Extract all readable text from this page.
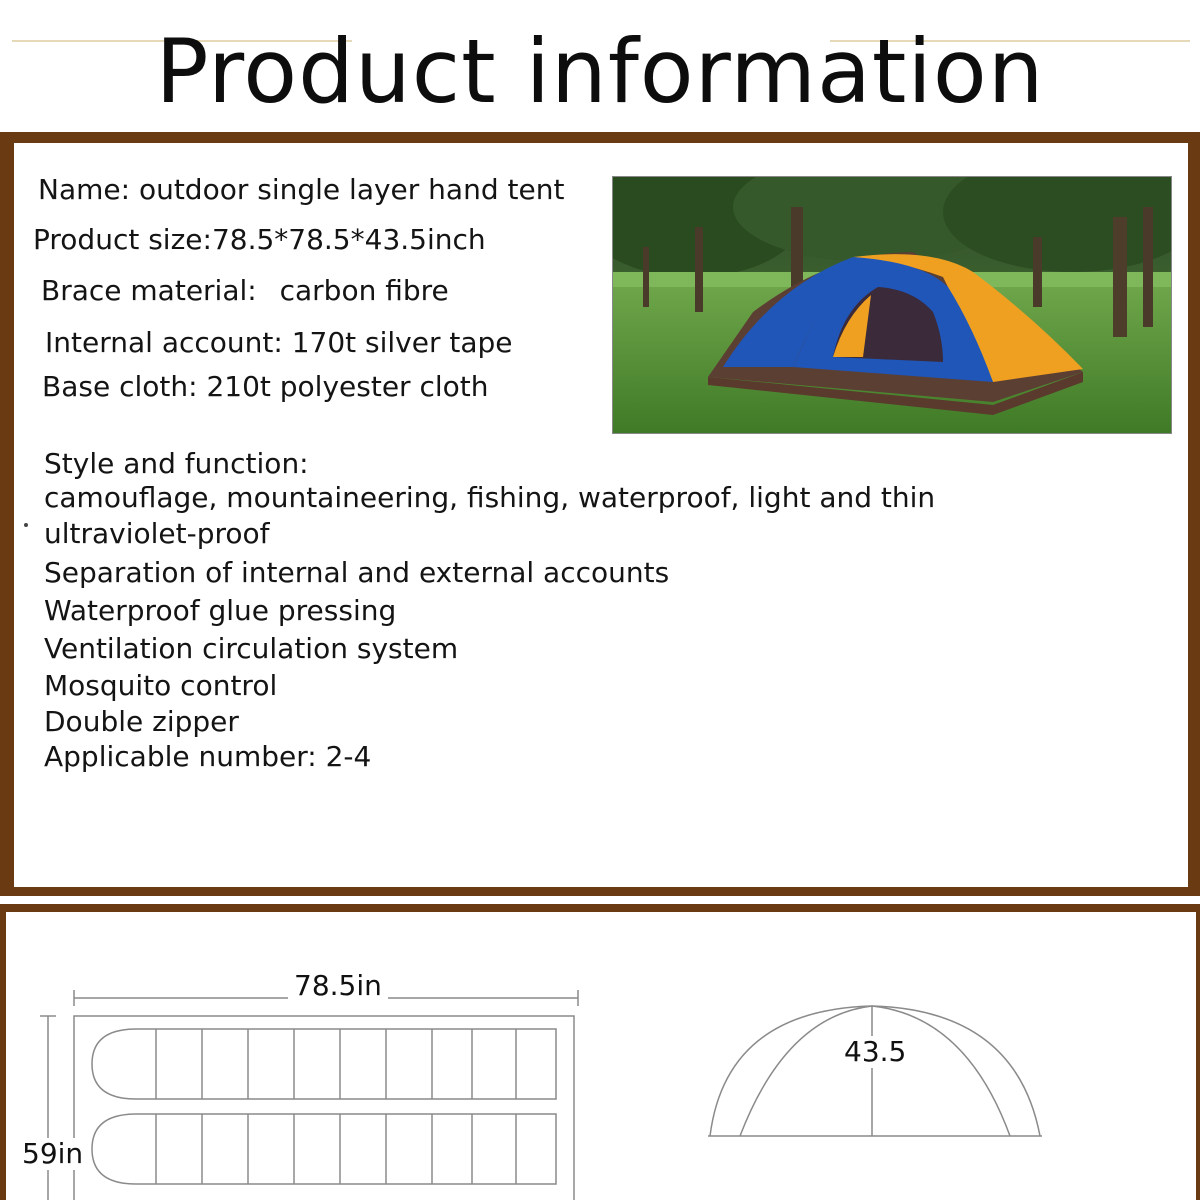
Product information
Name: outdoor single layer hand tent
Product size:78.5*78.5*43.5inch
Brace material: carbon fibre
Internal account: 170t silver tape
Base cloth: 210t polyester cloth
Style and function:
camouflage, mountaineering, fishing, waterproof, light and thin
ultraviolet-proof
Separation of internal and external accounts
Waterproof glue pressing
Ventilation circulation system
Mosquito control
Double zipper
Applicable number: 2-4
78.5in
59in
43.5
